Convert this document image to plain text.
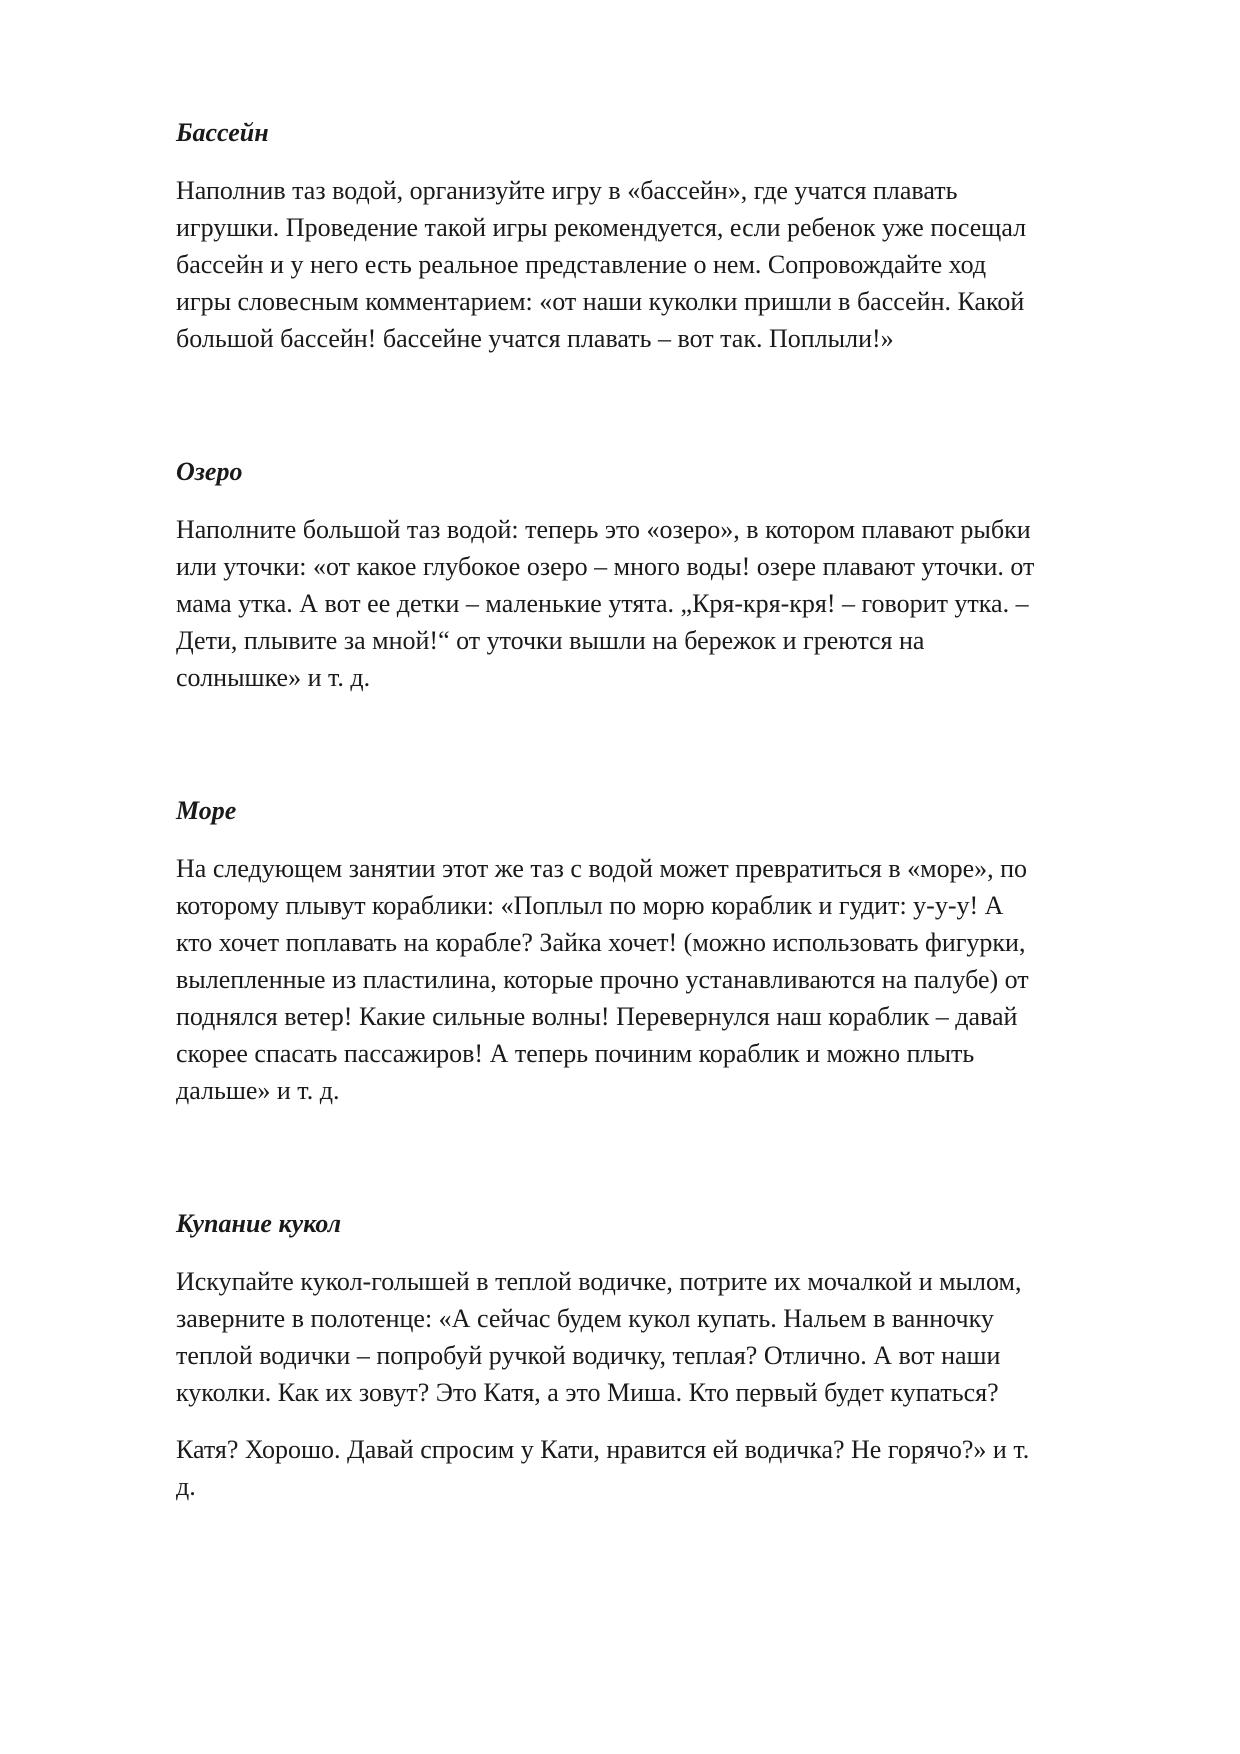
Бассейн

Наполнив таз водой, организуйте игру в «бассейн», где учатся плавать
игрушки. Проведение такой игры рекомендуется, если ребенок уже посещал
бассейн и у него есть реальное представление о нем. Сопровождайте ход
игры словесным комментарием: «от наши куколки пришли в бассейн. Какой
большой бассейн! бассейне учатся плавать – вот так. Поплыли!»

Озеро

Наполните большой таз водой: теперь это «озеро», в котором плавают рыбки
или уточки: «от какое глубокое озеро – много воды! озере плавают уточки. от
мама утка. А вот ее детки – маленькие утята. „Кря-кря-кря! – говорит утка. –
Дети, плывите за мной!“ от уточки вышли на бережок и греются на
солнышке» и т. д.

Море

На следующем занятии этот же таз с водой может превратиться в «море», по
которому плывут кораблики: «Поплыл по морю кораблик и гудит: у-у-у! А
кто хочет поплавать на корабле? Зайка хочет! (можно использовать фигурки,
вылепленные из пластилина, которые прочно устанавливаются на палубе) от
поднялся ветер! Какие сильные волны! Перевернулся наш кораблик – давай
скорее спасать пассажиров! А теперь починим кораблик и можно плыть
дальше» и т. д.

Купание кукол

Искупайте кукол-голышей в теплой водичке, потрите их мочалкой и мылом,
заверните в полотенце: «А сейчас будем кукол купать. Нальем в ванночку
теплой водички – попробуй ручкой водичку, теплая? Отлично. А вот наши
куколки. Как их зовут? Это Катя, а это Миша. Кто первый будет купаться?

Катя? Хорошо. Давай спросим у Кати, нравится ей водичка? Не горячо?» и т.
д.
